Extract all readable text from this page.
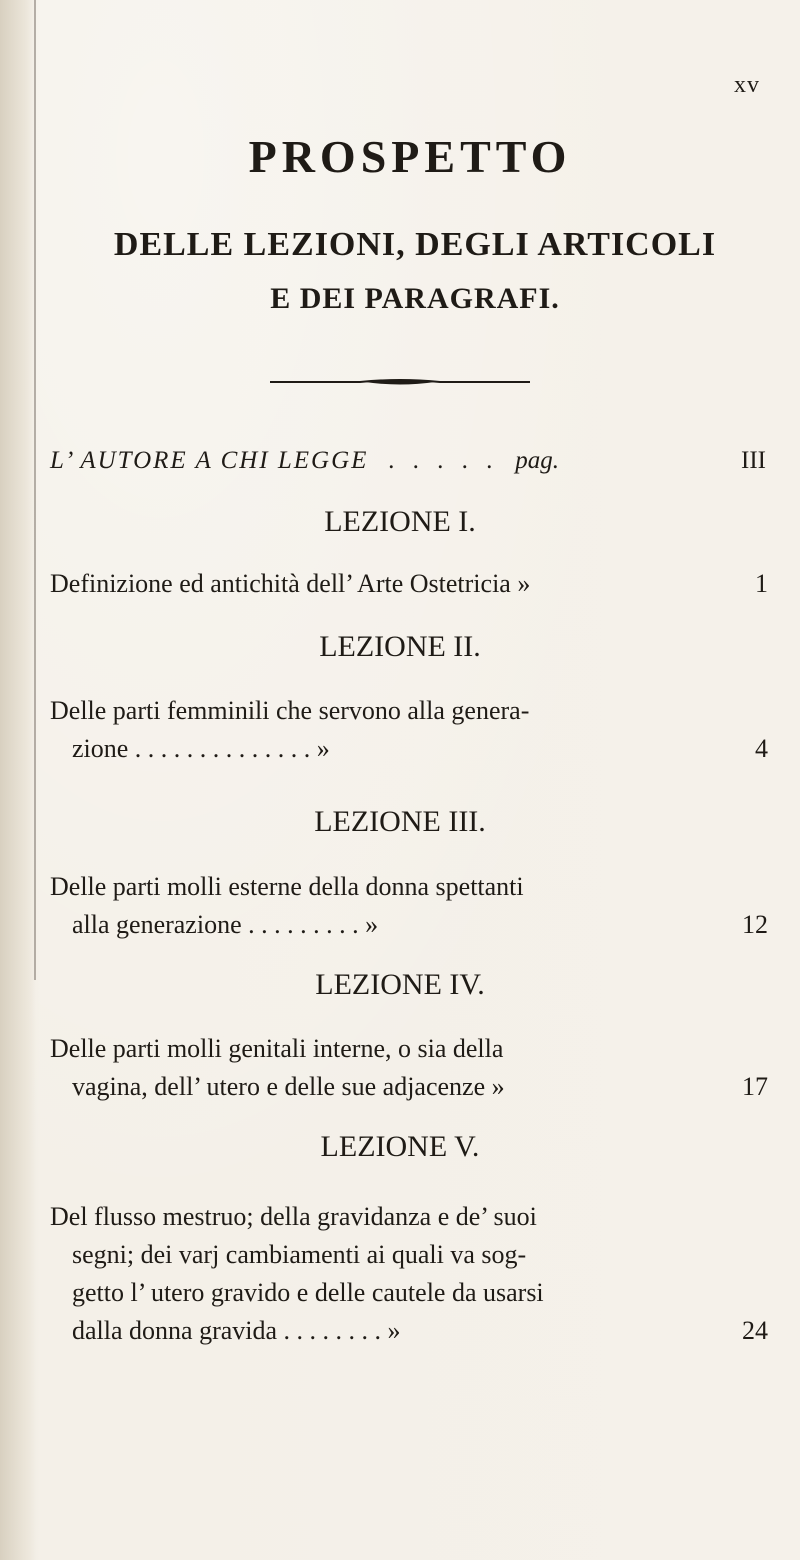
xv
PROSPETTO
DELLE LEZIONI, DEGLI ARTICOLI
E DEI PARAGRAFI.
L’ AUTORE A CHI LEGGE . . . . . pag.	III
LEZIONE I.
Definizione ed antichità dell’ Arte Ostetricia »	1
LEZIONE II.
Delle parti femminili che servono alla genera-
zione . . . . . . . . . . . . . . »	4
LEZIONE III.
Delle parti molli esterne della donna spettanti
alla generazione . . . . . . . . . »	12
LEZIONE IV.
Delle parti molli genitali interne, o sia della
vagina, dell’ utero e delle sue adjacenze »	17
LEZIONE V.
Del flusso mestruo; della gravidanza e de’ suoi
segni; dei varj cambiamenti ai quali va sog-
getto l’ utero gravido e delle cautele da usarsi
dalla donna gravida . . . . . . . . »	24
